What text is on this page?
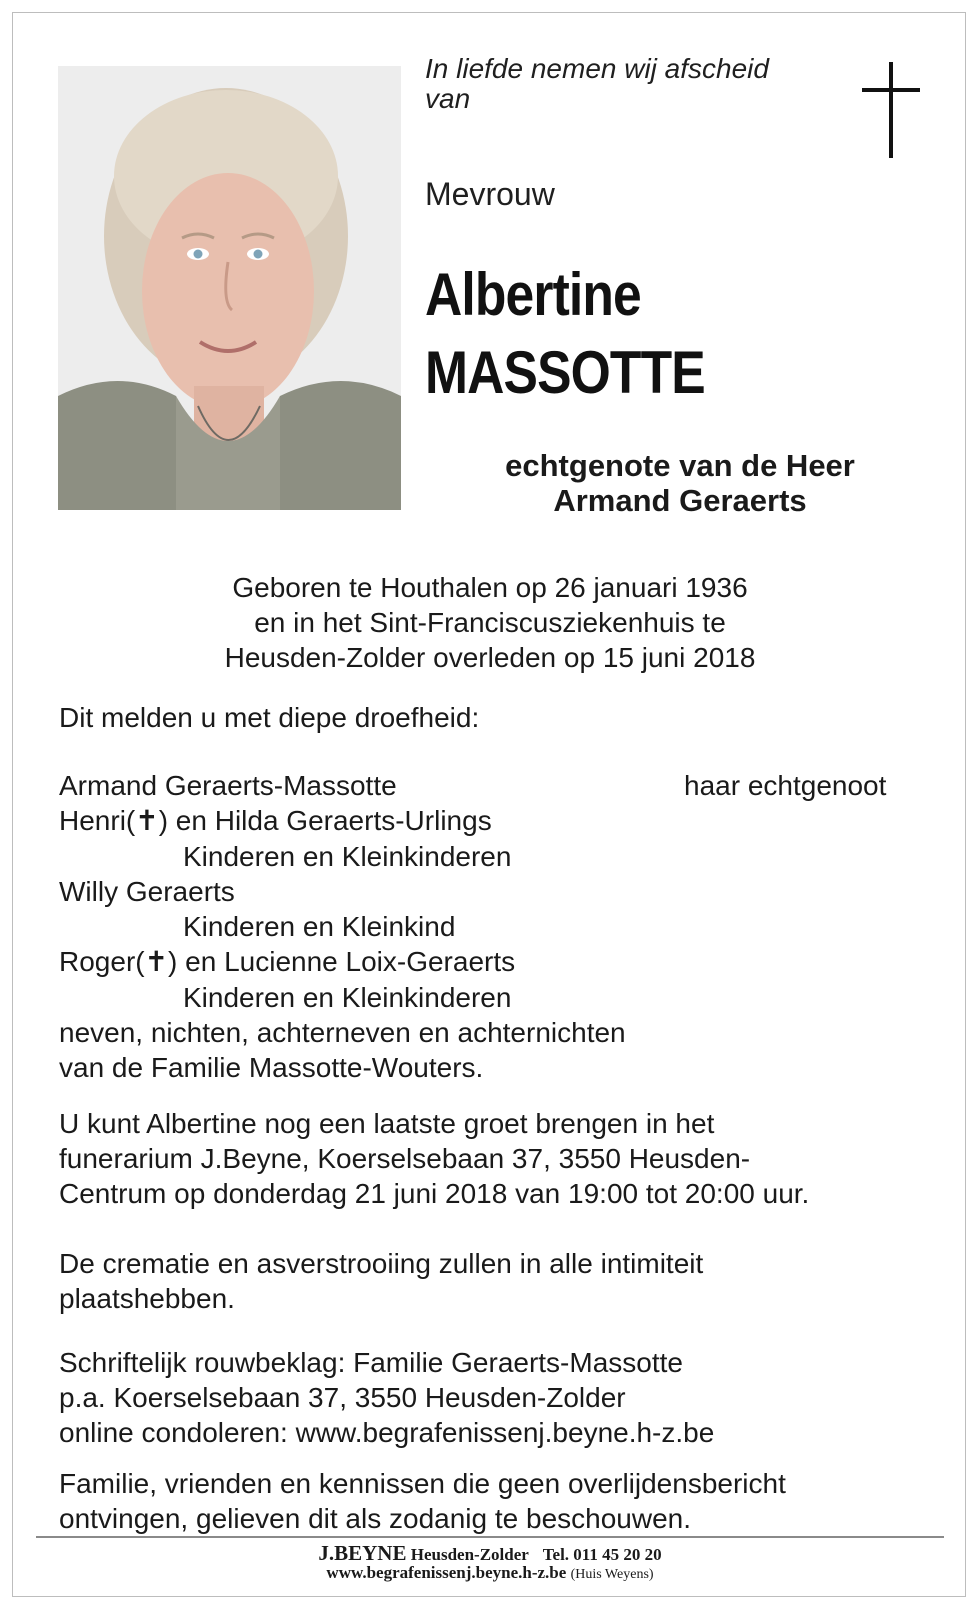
In liefde nemen wij afscheid
van
Mevrouw
Albertine
MASSOTTE
echtgenote van de Heer
Armand Geraerts
Geboren te Houthalen op 26 januari 1936
en in het Sint-Franciscusziekenhuis te
Heusden-Zolder overleden op 15 juni 2018
Dit melden u met diepe droefheid:
Armand Geraerts-Massotte	haar echtgenoot
Henri(✝) en Hilda Geraerts-Urlings
Kinderen en Kleinkinderen
Willy Geraerts
Kinderen en Kleinkind
Roger(✝) en Lucienne Loix-Geraerts
Kinderen en Kleinkinderen
neven, nichten, achterneven en achternichten
van de Familie Massotte-Wouters.
U kunt Albertine nog een laatste groet brengen in het
funerarium J.Beyne, Koerselsebaan 37, 3550 Heusden-
Centrum op donderdag 21 juni 2018 van 19:00 tot 20:00 uur.
De crematie en asverstrooiing zullen in alle intimiteit
plaatshebben.
Schriftelijk rouwbeklag: Familie Geraerts-Massotte
p.a. Koerselsebaan 37, 3550 Heusden-Zolder
online condoleren: www.begrafenissenj.beyne.h-z.be
Familie, vrienden en kennissen die geen overlijdensbericht
ontvingen, gelieven dit als zodanig te beschouwen.
J.BEYNE Heusden-Zolder Tel. 011 45 20 20
www.begrafenissenj.beyne.h-z.be (Huis Weyens)
